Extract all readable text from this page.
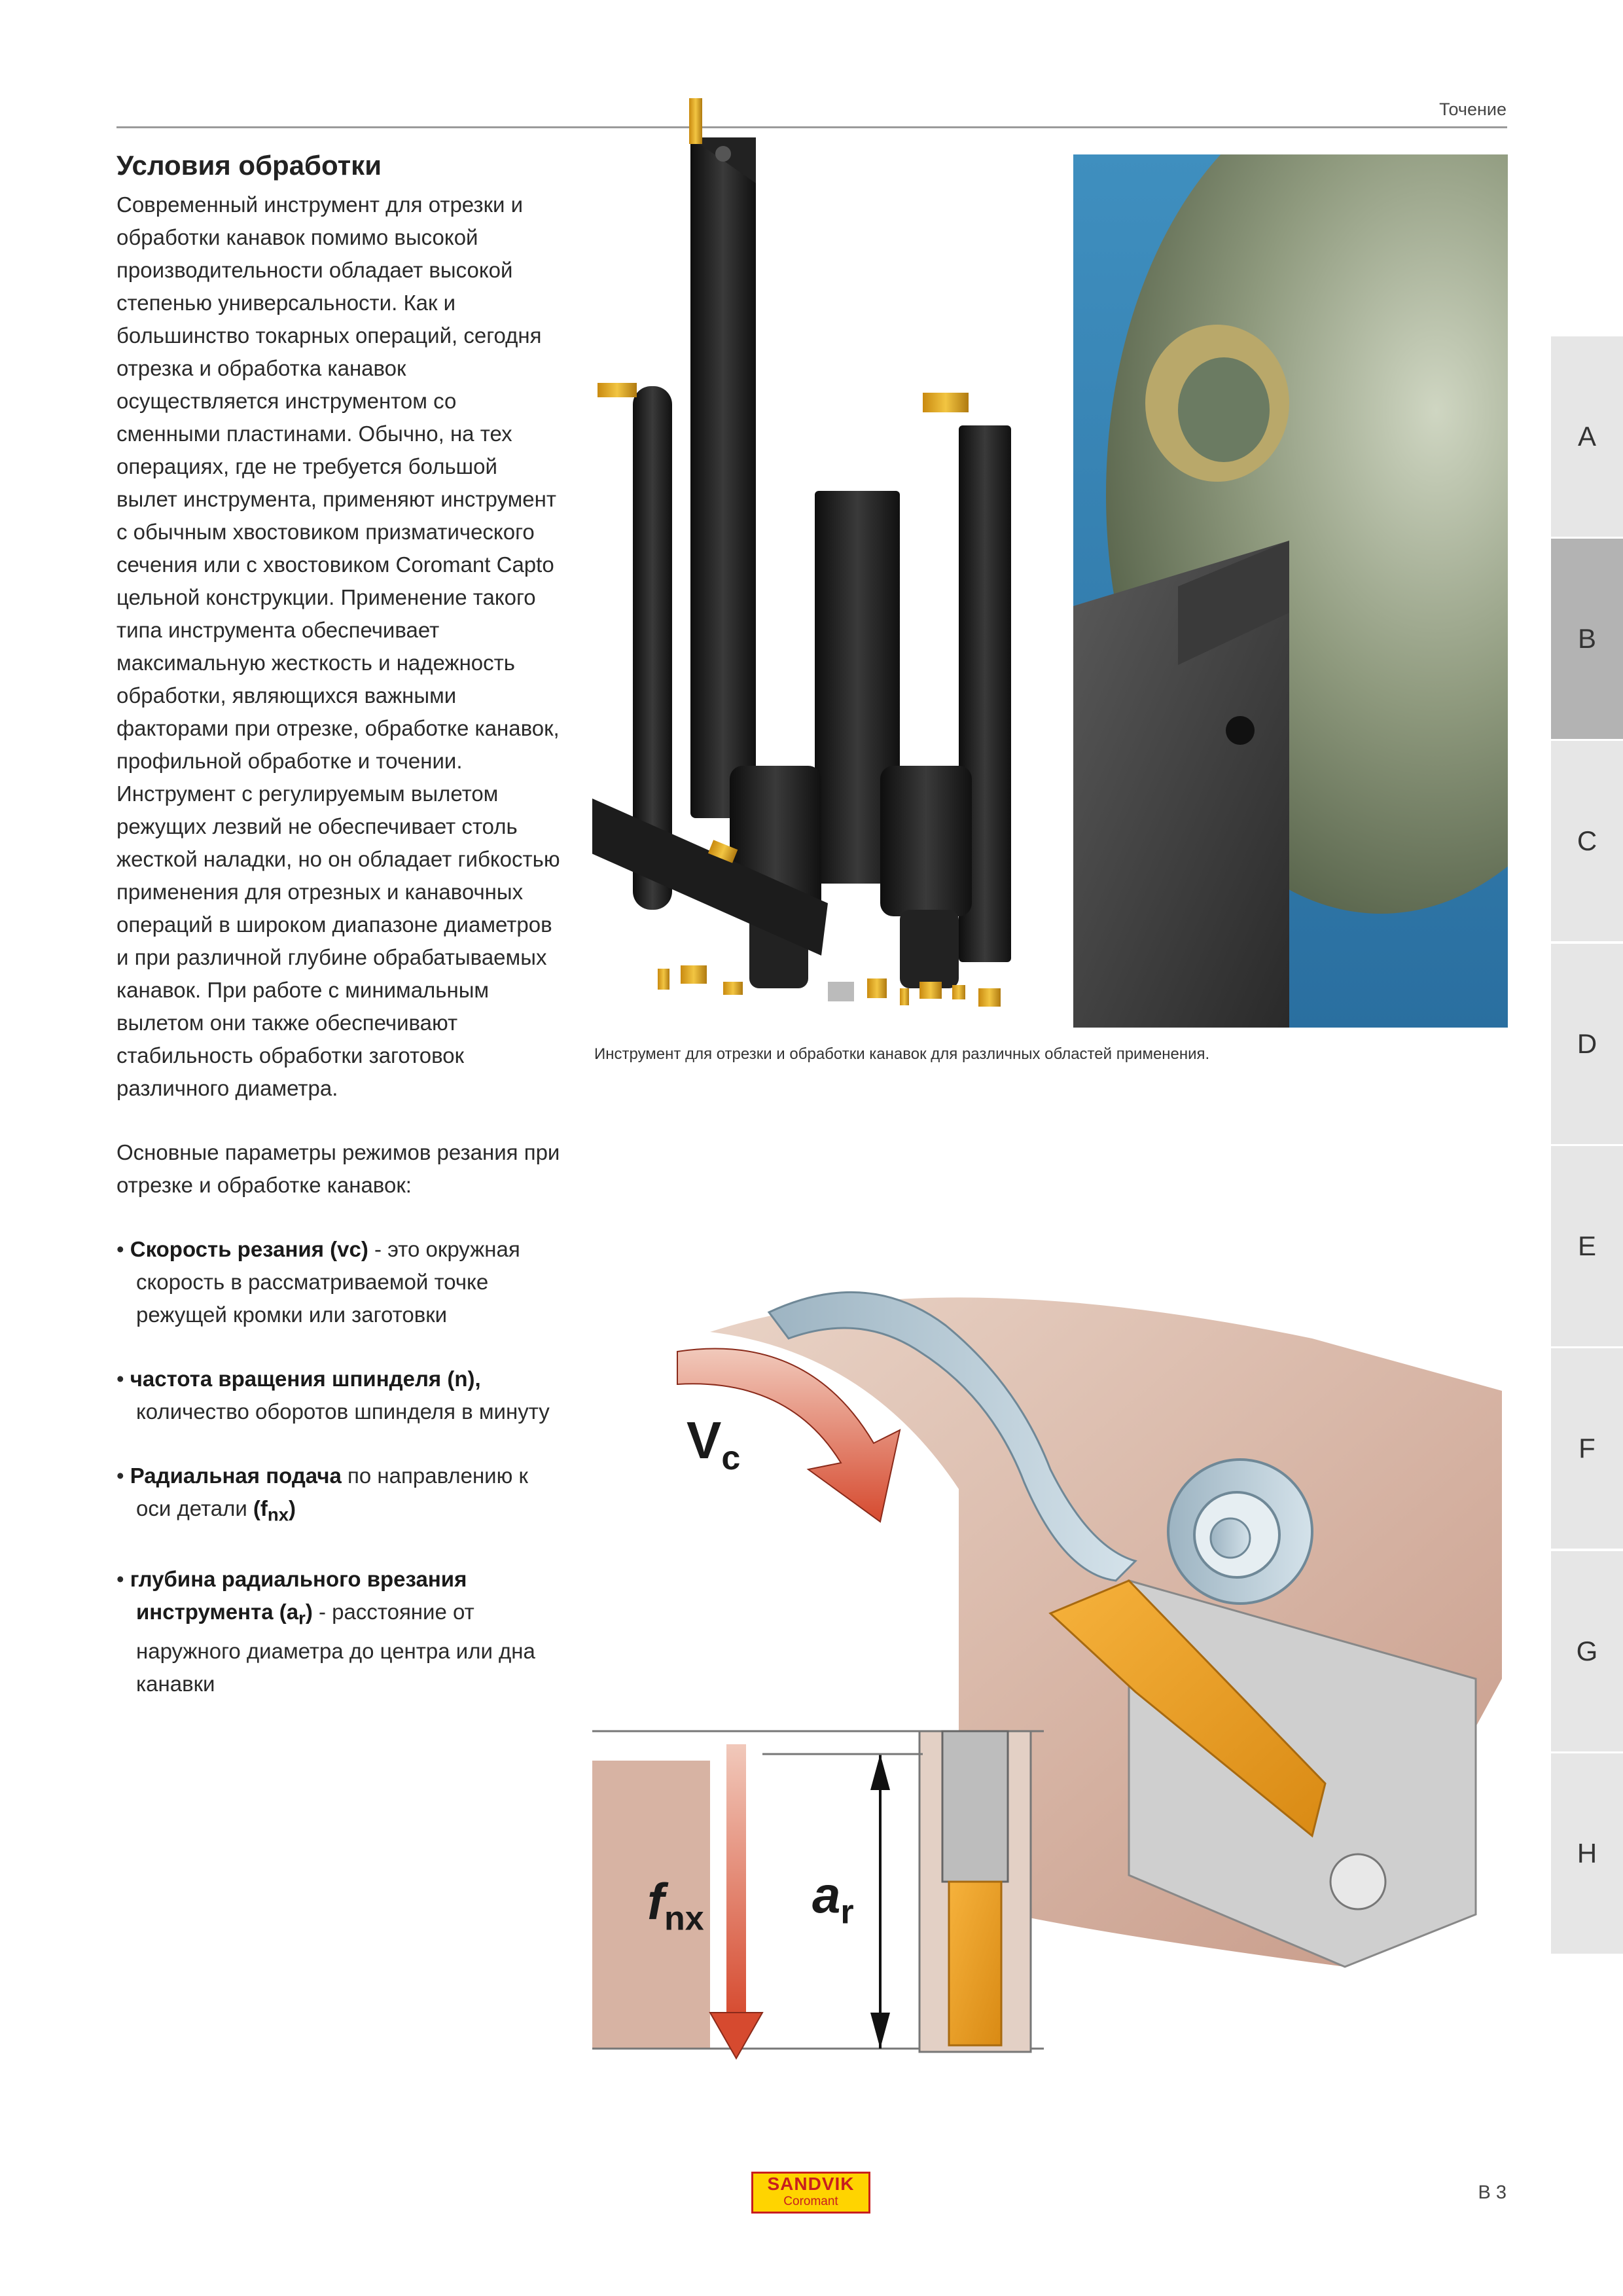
Точение
Условия обработки

Современный инструмент для отрезки и обработки канавок помимо высокой производительности обладает высокой степенью универсальности. Как и большинство токарных операций, сегодня отрезка и обработка канавок осуществляется инструментом со сменными пластинами. Обычно, на тех операциях, где не требуется большой вылет инструмента, применяют инструмент с обычным хвостовиком призматического сечения или с хвостовиком Coromant Capto цельной конструкции. Применение такого типа инструмента обеспечивает максимальную жесткость и надежность обработки, являющихся важными факторами при отрезке, обработке канавок, профильной обработке и точении. Инструмент с регулируемым вылетом режущих лезвий не обеспечивает столь жесткой наладки, но он обладает гибкостью применения для отрезных и канавочных операций в широком диапазоне диаметров и при различной глубине обрабатываемых канавок. При работе с минимальным вылетом они также обеспечивают стабильность обработки заготовок различного диаметра.

Основные параметры режимов резания при отрезке и обработке канавок:

• Скорость резания (vc) - это окружная скорость в рассматриваемой точке режущей кромки или заготовки
• частота вращения шпинделя (n), количество оборотов шпинделя в минуту
• Радиальная подача по направлению к оси детали $(f_{nx})$
• глубина радиального врезания инструмента $(a_r)$ - расстояние от наружного диаметра до центра или дна канавки
Инструмент для отрезки и обработки канавок для различных областей применения.
$V_c$
$f_{nx}$ $a_r$
A
B
C
D
E
F
G
H
SANDVIK
Coromant	B 3
